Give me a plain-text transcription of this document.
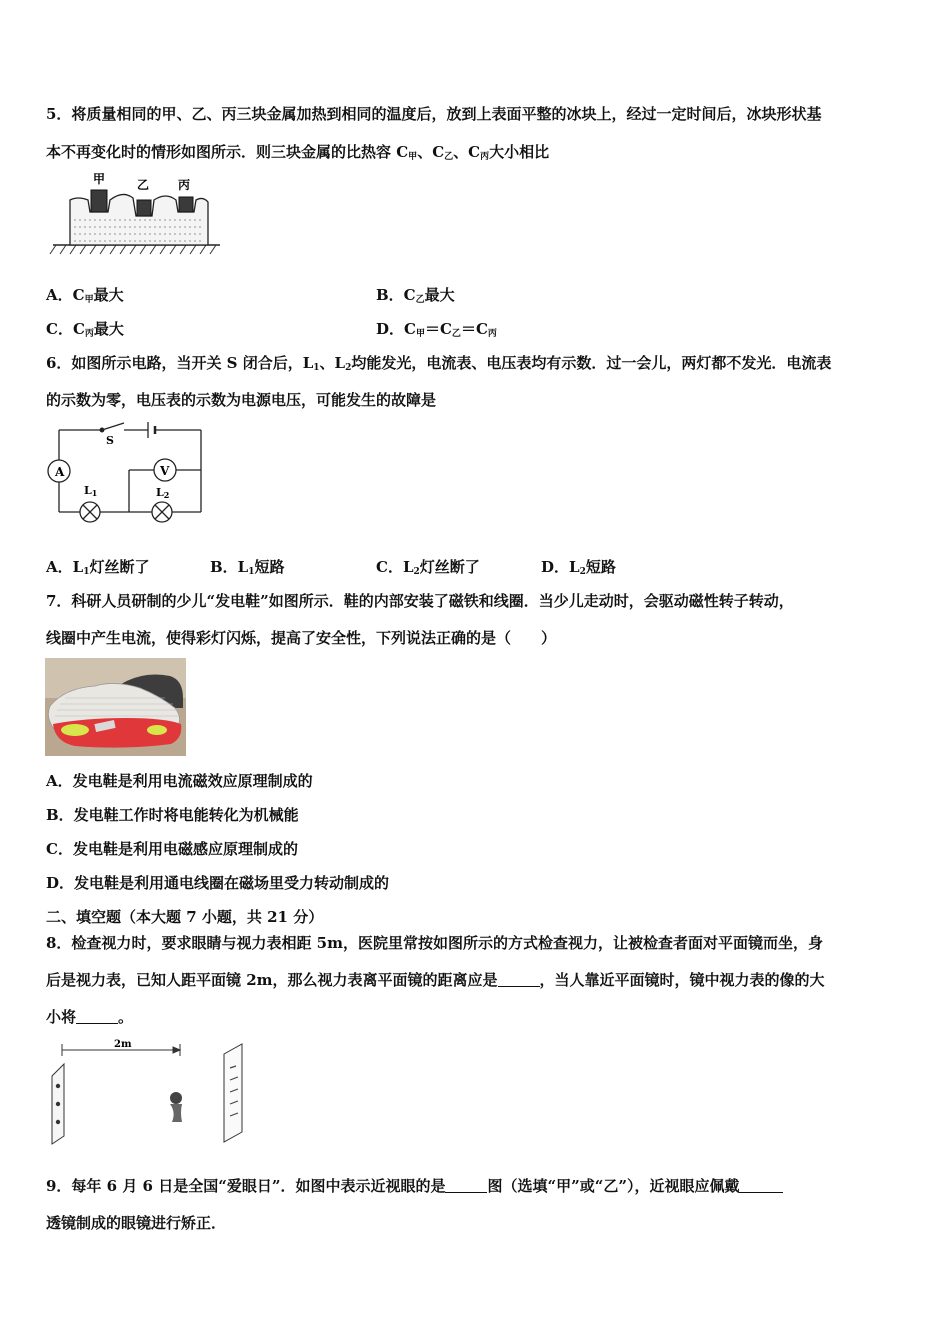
5．将质量相同的甲、乙、丙三块金属加热到相同的温度后，放到上表面平整的冰块上，经过一定时间后，冰块形状基
本不再变化时的情形如图所示．则三块金属的比热容 $C_甲$、$C_乙$、$C_丙$大小相比
甲	乙 丙
A．$C_甲$最大	B．$C_乙$最大
C．$C_丙$最大	D．$C_甲=C_乙=C_丙$
6．如图所示电路，当开关 S 闭合后，$L_1$、$L_2$均能发光，电流表、电压表均有示数．过一会儿，两灯都不发光．电流表
的示数为零，电压表的示数为电源电压，可能发生的故障是
S
A	V
L1	L2
A．$L_1$灯丝断了	B．$L_1$短路	C．$L_2$灯丝断了	D．$L_2$短路
7．科研人员研制的少儿“发电鞋”如图所示．鞋的内部安装了磁铁和线圈．当少儿走动时，会驱动磁性转子转动，
线圈中产生电流，使得彩灯闪烁，提高了安全性，下列说法正确的是（　　）
A．发电鞋是利用电流磁效应原理制成的
B．发电鞋工作时将电能转化为机械能
C．发电鞋是利用电磁感应原理制成的
D．发电鞋是利用通电线圈在磁场里受力转动制成的
二、填空题（本大题 7 小题，共 21 分）
8．检查视力时，要求眼睛与视力表相距 5m，医院里常按如图所示的方式检查视力，让被检查者面对平面镜而坐，身
后是视力表，已知人距平面镜 2m，那么视力表离平面镜的距离应是	，当人靠近平面镜时，镜中视力表的像的大
小将	。
2m
9．每年 6 月 6 日是全国“爱眼日”．如图中表示近视眼的是	图（选填“甲”或“乙”），近视眼应佩戴
透镜制成的眼镜进行矫正．
